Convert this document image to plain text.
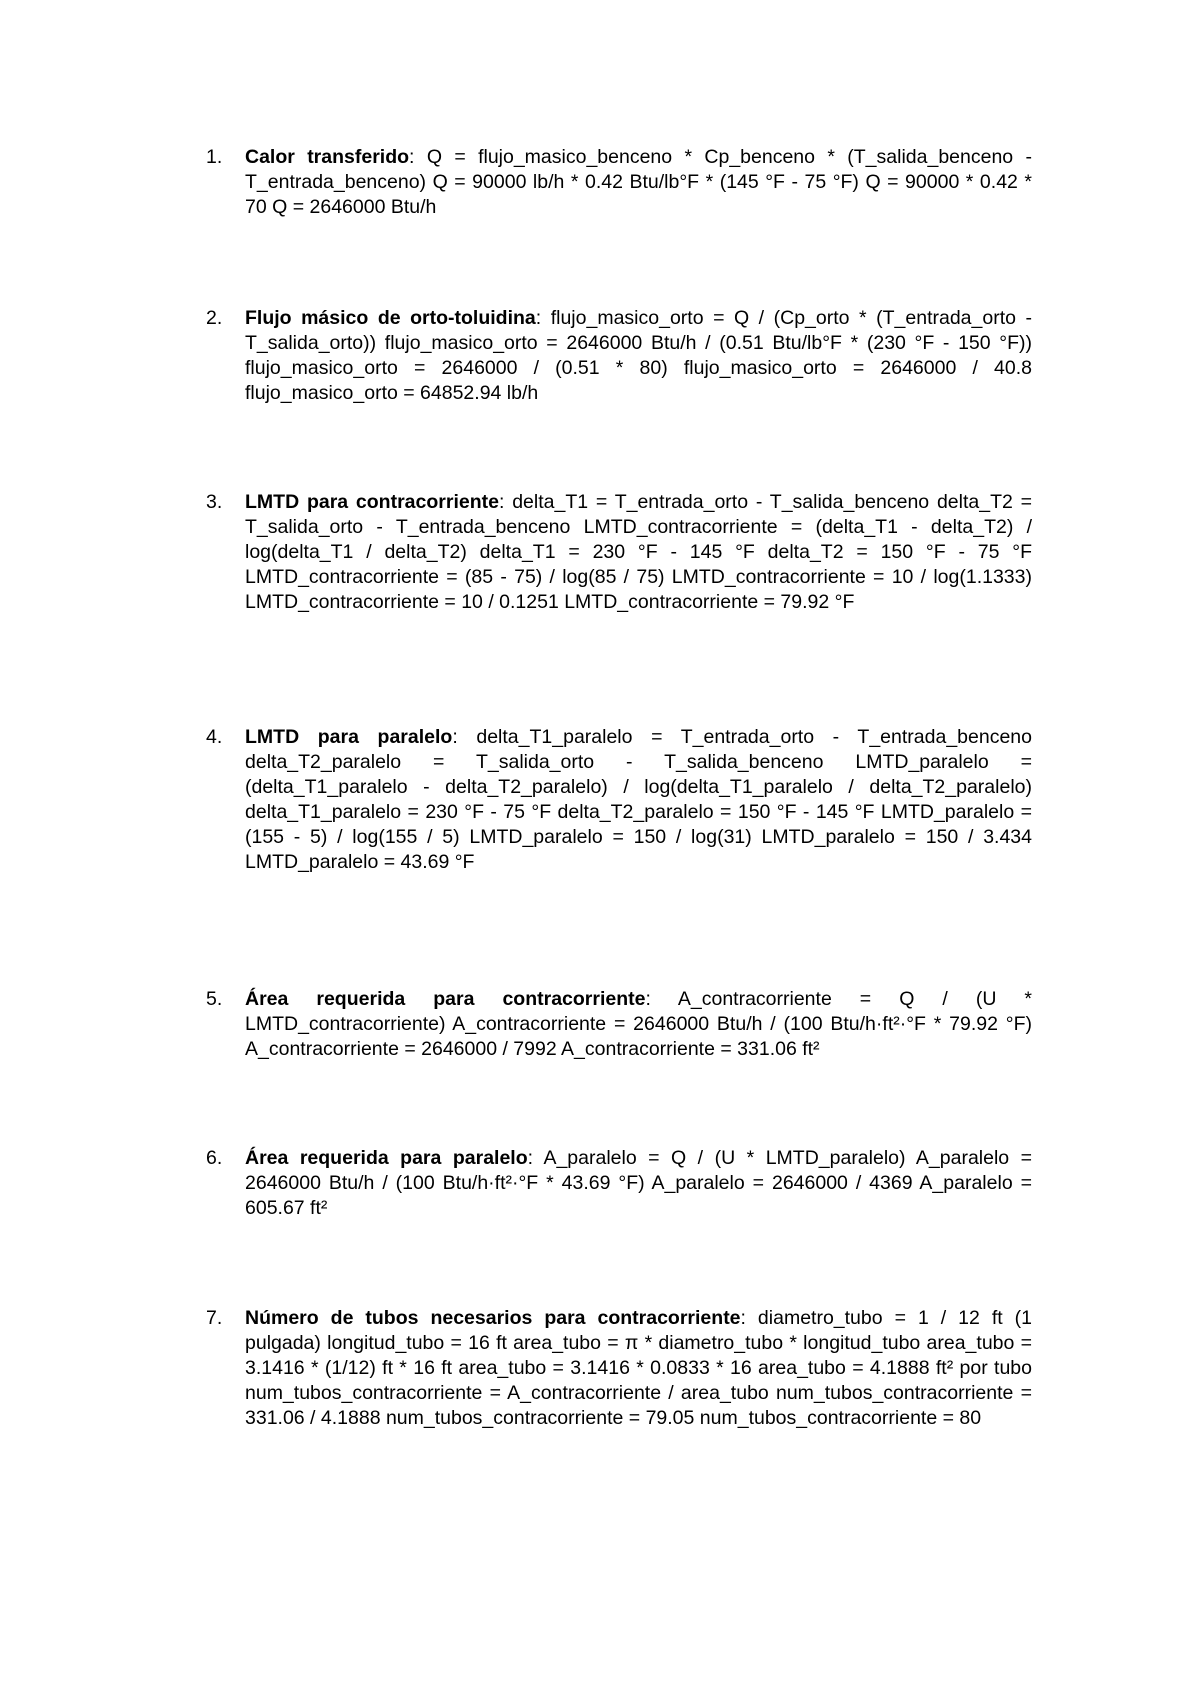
1.	Calor transferido: Q = flujo_masico_benceno * Cp_benceno * (T_salida_benceno - T_entrada_benceno) Q = 90000 lb/h * 0.42 Btu/lb°F * (145 °F - 75 °F) Q = 90000 * 0.42 * 70 Q = 2646000 Btu/h
2.	Flujo másico de orto-toluidina: flujo_masico_orto = Q / (Cp_orto * (T_entrada_orto - T_salida_orto)) flujo_masico_orto = 2646000 Btu/h / (0.51 Btu/lb°F * (230 °F - 150 °F)) flujo_masico_orto = 2646000 / (0.51 * 80) flujo_masico_orto = 2646000 / 40.8 flujo_masico_orto = 64852.94 lb/h
3.	LMTD para contracorriente: delta_T1 = T_entrada_orto - T_salida_benceno delta_T2 = T_salida_orto - T_entrada_benceno LMTD_contracorriente = (delta_T1 - delta_T2) / log(delta_T1 / delta_T2) delta_T1 = 230 °F - 145 °F delta_T2 = 150 °F - 75 °F LMTD_contracorriente = (85 - 75) / log(85 / 75) LMTD_contracorriente = 10 / log(1.1333) LMTD_contracorriente = 10 / 0.1251 LMTD_contracorriente = 79.92 °F
4.	LMTD para paralelo: delta_T1_paralelo = T_entrada_orto - T_entrada_benceno delta_T2_paralelo = T_salida_orto - T_salida_benceno LMTD_paralelo = (delta_T1_paralelo - delta_T2_paralelo) / log(delta_T1_paralelo / delta_T2_paralelo) delta_T1_paralelo = 230 °F - 75 °F delta_T2_paralelo = 150 °F - 145 °F LMTD_paralelo = (155 - 5) / log(155 / 5) LMTD_paralelo = 150 / log(31) LMTD_paralelo = 150 / 3.434 LMTD_paralelo = 43.69 °F
5.	Área requerida para contracorriente: A_contracorriente = Q / (U * LMTD_contracorriente) A_contracorriente = 2646000 Btu/h / (100 Btu/h·ft²·°F * 79.92 °F) A_contracorriente = 2646000 / 7992 A_contracorriente = 331.06 ft²
6.	Área requerida para paralelo: A_paralelo = Q / (U * LMTD_paralelo) A_paralelo = 2646000 Btu/h / (100 Btu/h·ft²·°F * 43.69 °F) A_paralelo = 2646000 / 4369 A_paralelo = 605.67 ft²
7.	Número de tubos necesarios para contracorriente: diametro_tubo = 1 / 12 ft (1 pulgada) longitud_tubo = 16 ft area_tubo = π * diametro_tubo * longitud_tubo area_tubo = 3.1416 * (1/12) ft * 16 ft area_tubo = 3.1416 * 0.0833 * 16 area_tubo = 4.1888 ft² por tubo num_tubos_contracorriente = A_contracorriente / area_tubo num_tubos_contracorriente = 331.06 / 4.1888 num_tubos_contracorriente = 79.05 num_tubos_contracorriente = 80
